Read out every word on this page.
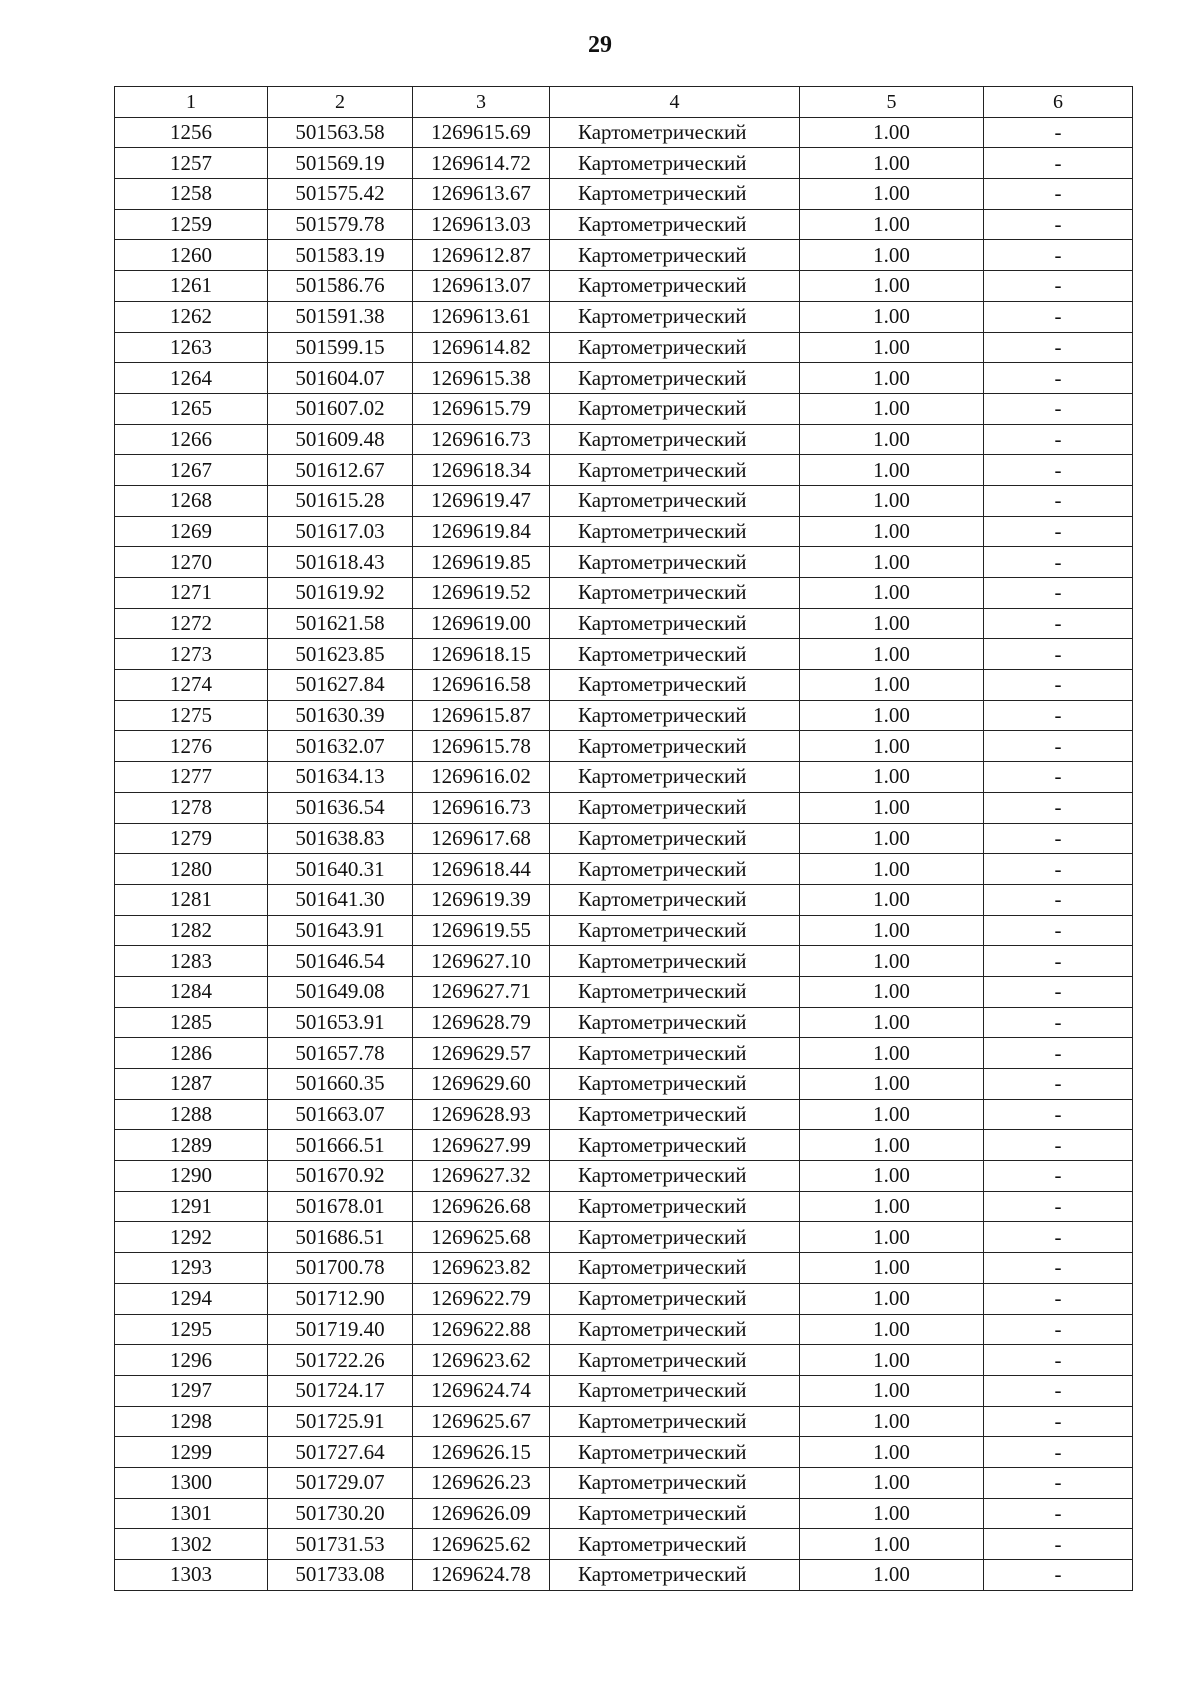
29
1	2	3	4	5	6
1256	501563.58	1269615.69	Картометрический	1.00	-
1257	501569.19	1269614.72	Картометрический	1.00	-
1258	501575.42	1269613.67	Картометрический	1.00	-
1259	501579.78	1269613.03	Картометрический	1.00	-
1260	501583.19	1269612.87	Картометрический	1.00	-
1261	501586.76	1269613.07	Картометрический	1.00	-
1262	501591.38	1269613.61	Картометрический	1.00	-
1263	501599.15	1269614.82	Картометрический	1.00	-
1264	501604.07	1269615.38	Картометрический	1.00	-
1265	501607.02	1269615.79	Картометрический	1.00	-
1266	501609.48	1269616.73	Картометрический	1.00	-
1267	501612.67	1269618.34	Картометрический	1.00	-
1268	501615.28	1269619.47	Картометрический	1.00	-
1269	501617.03	1269619.84	Картометрический	1.00	-
1270	501618.43	1269619.85	Картометрический	1.00	-
1271	501619.92	1269619.52	Картометрический	1.00	-
1272	501621.58	1269619.00	Картометрический	1.00	-
1273	501623.85	1269618.15	Картометрический	1.00	-
1274	501627.84	1269616.58	Картометрический	1.00	-
1275	501630.39	1269615.87	Картометрический	1.00	-
1276	501632.07	1269615.78	Картометрический	1.00	-
1277	501634.13	1269616.02	Картометрический	1.00	-
1278	501636.54	1269616.73	Картометрический	1.00	-
1279	501638.83	1269617.68	Картометрический	1.00	-
1280	501640.31	1269618.44	Картометрический	1.00	-
1281	501641.30	1269619.39	Картометрический	1.00	-
1282	501643.91	1269619.55	Картометрический	1.00	-
1283	501646.54	1269627.10	Картометрический	1.00	-
1284	501649.08	1269627.71	Картометрический	1.00	-
1285	501653.91	1269628.79	Картометрический	1.00	-
1286	501657.78	1269629.57	Картометрический	1.00	-
1287	501660.35	1269629.60	Картометрический	1.00	-
1288	501663.07	1269628.93	Картометрический	1.00	-
1289	501666.51	1269627.99	Картометрический	1.00	-
1290	501670.92	1269627.32	Картометрический	1.00	-
1291	501678.01	1269626.68	Картометрический	1.00	-
1292	501686.51	1269625.68	Картометрический	1.00	-
1293	501700.78	1269623.82	Картометрический	1.00	-
1294	501712.90	1269622.79	Картометрический	1.00	-
1295	501719.40	1269622.88	Картометрический	1.00	-
1296	501722.26	1269623.62	Картометрический	1.00	-
1297	501724.17	1269624.74	Картометрический	1.00	-
1298	501725.91	1269625.67	Картометрический	1.00	-
1299	501727.64	1269626.15	Картометрический	1.00	-
1300	501729.07	1269626.23	Картометрический	1.00	-
1301	501730.20	1269626.09	Картометрический	1.00	-
1302	501731.53	1269625.62	Картометрический	1.00	-
1303	501733.08	1269624.78	Картометрический	1.00	-
